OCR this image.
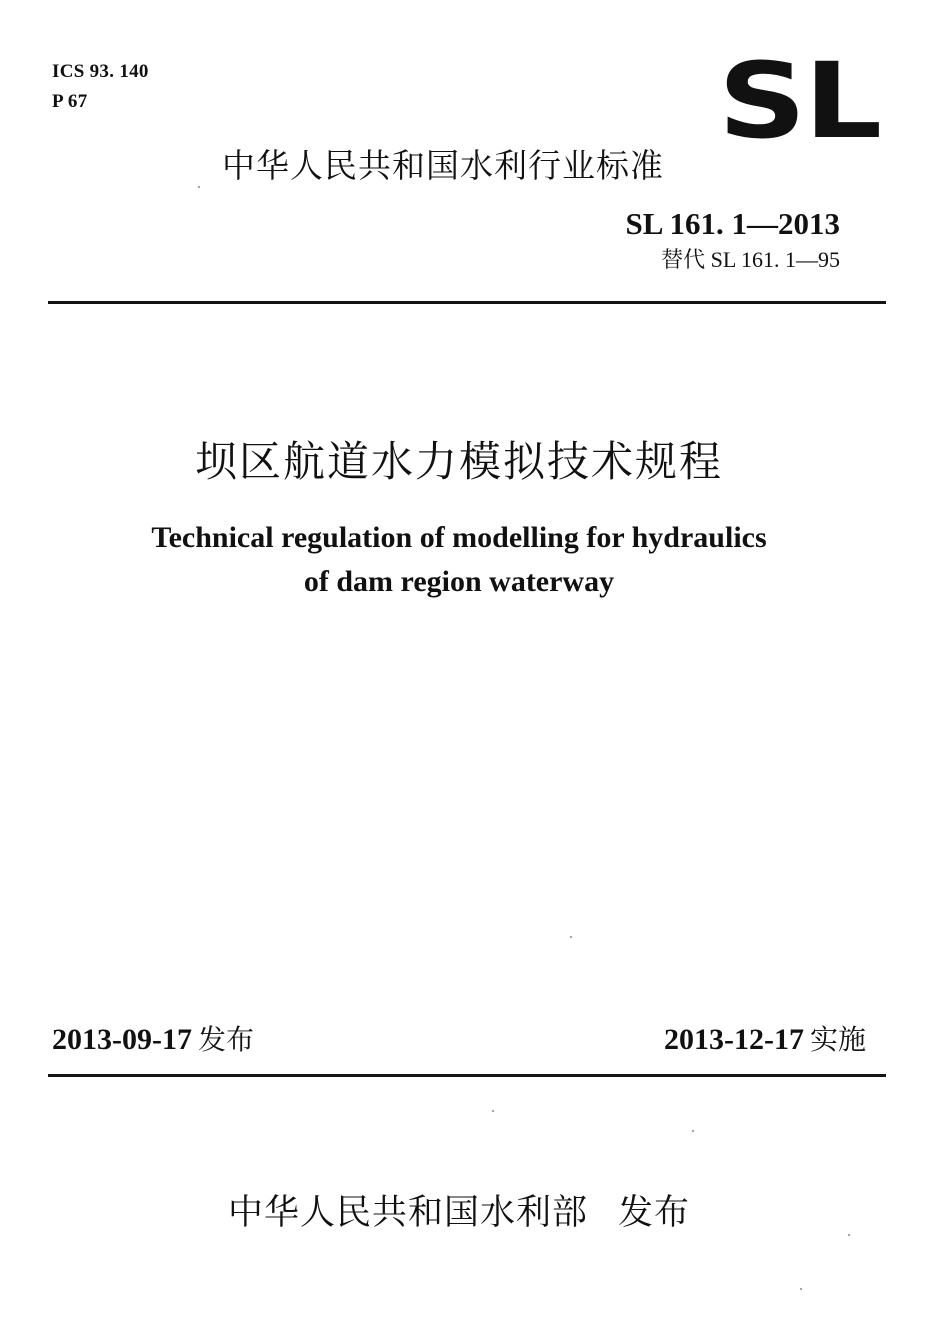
ICS 93. 140
P 67	SL
中华人民共和国水利行业标准
SL 161. 1—2013
替代 SL 161. 1—95
坝区航道水力模拟技术规程
Technical regulation of modelling for hydraulics
of dam region waterway
2013-09-17 发布	2013-12-17 实施
中华人民共和国水利部 发布
